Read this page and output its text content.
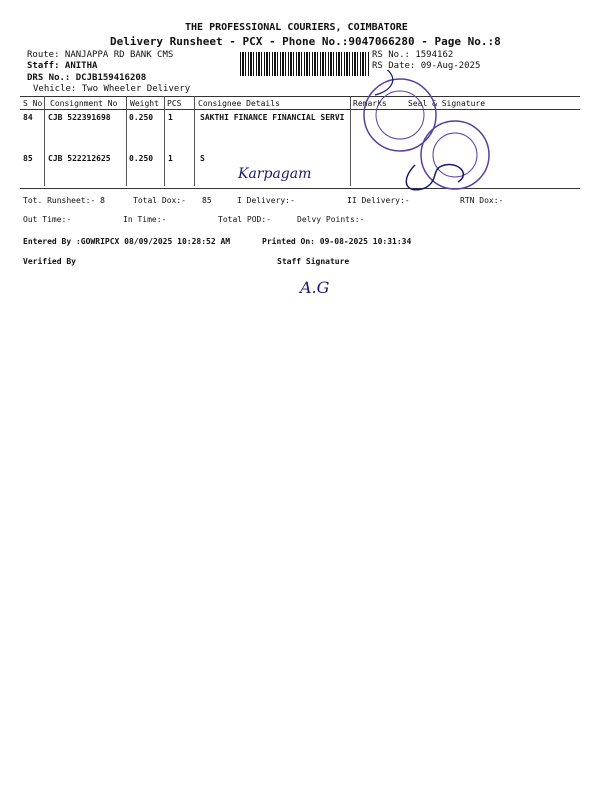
THE PROFESSIONAL COURIERS, COIMBATORE
Delivery Runsheet - PCX - Phone No.:9047066280 - Page No.:8
Route: NANJAPPA RD BANK CMS
Staff: ANITHA
DRS No.: DCJB159416208
Vehicle: Two Wheeler Delivery
RS No.: 1594162
RS Date: 09-Aug-2025
S No Consignment No Weight PCS Consignee Details	Remarks	Seal & Signature
84 CJB 522391698 0.250 1	SAKTHI FINANCE FINANCIAL SERVI
85 CJB 522212625 0.250 1	S
Karpagam
Tot. Runsheet:- 8	Total Dox:- 85	I Delivery:-	II Delivery:-	RTN Dox:-
Out Time:-	In Time:-	Total POD:-	Delvy Points:-
Entered By :GOWRIPCX 08/09/2025 10:28:52 AM	Printed On: 09-08-2025 10:31:34
Verified By	Staff Signature
A.G
